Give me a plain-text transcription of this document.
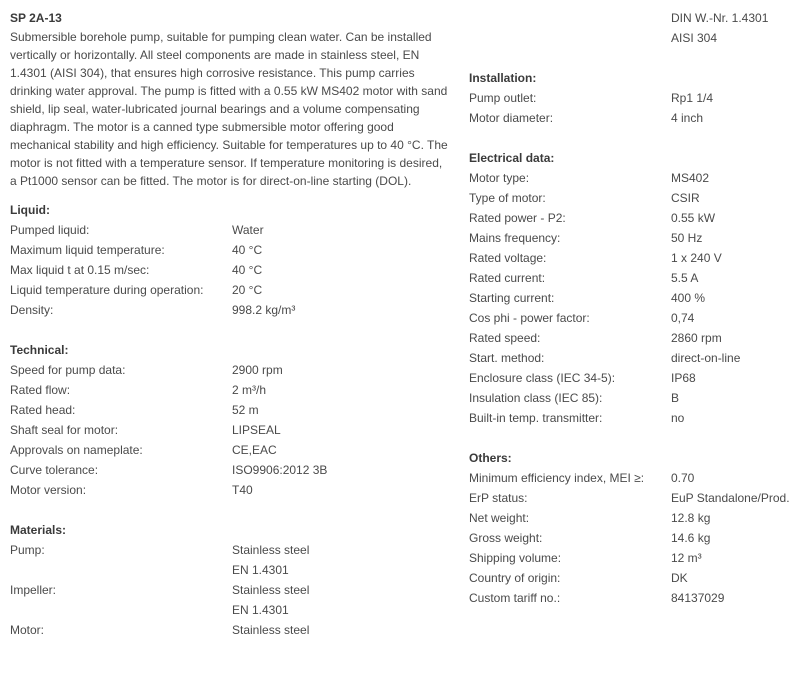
SP 2A-13
Submersible borehole pump, suitable for pumping clean water. Can be installed vertically or horizontally. All steel components are made in stainless steel, EN 1.4301 (AISI 304), that ensures high corrosive resistance. This pump carries drinking water approval. The pump is fitted with a 0.55 kW MS402 motor with sand shield, lip seal, water-lubricated journal bearings and a volume compensating diaphragm. The motor is a canned type submersible motor offering good mechanical stability and high efficiency. Suitable for temperatures up to 40 °C. The motor is not fitted with a temperature sensor. If temperature monitoring is desired, a Pt1000 sensor can be fitted. The motor is for direct-on-line starting (DOL).
Liquid:
Pumped liquid:	Water
Maximum liquid temperature:	40 °C
Max liquid t at 0.15 m/sec:	40 °C
Liquid temperature during operation:	20 °C
Density:	998.2 kg/m³
Technical:
Speed for pump data:	2900 rpm
Rated flow:	2 m³/h
Rated head:	52 m
Shaft seal for motor:	LIPSEAL
Approvals on nameplate:	CE,EAC
Curve tolerance:	ISO9906:2012 3B
Motor version:	T40
Materials:
Pump:	Stainless steel
EN 1.4301
Impeller:	Stainless steel
EN 1.4301
Motor:	Stainless steel
DIN W.-Nr. 1.4301
AISI 304
Installation:
Pump outlet:	Rp1 1/4
Motor diameter:	4 inch
Electrical data:
Motor type:	MS402
Type of motor:	CSIR
Rated power - P2:	0.55 kW
Mains frequency:	50 Hz
Rated voltage:	1 x 240 V
Rated current:	5.5 A
Starting current:	400 %
Cos phi - power factor:	0,74
Rated speed:	2860 rpm
Start. method:	direct-on-line
Enclosure class (IEC 34-5):	IP68
Insulation class (IEC 85):	B
Built-in temp. transmitter:	no
Others:
Minimum efficiency index, MEI ≥:	0.70
ErP status:	EuP Standalone/Prod.
Net weight:	12.8 kg
Gross weight:	14.6 kg
Shipping volume:	12 m³
Country of origin:	DK
Custom tariff no.:	84137029
